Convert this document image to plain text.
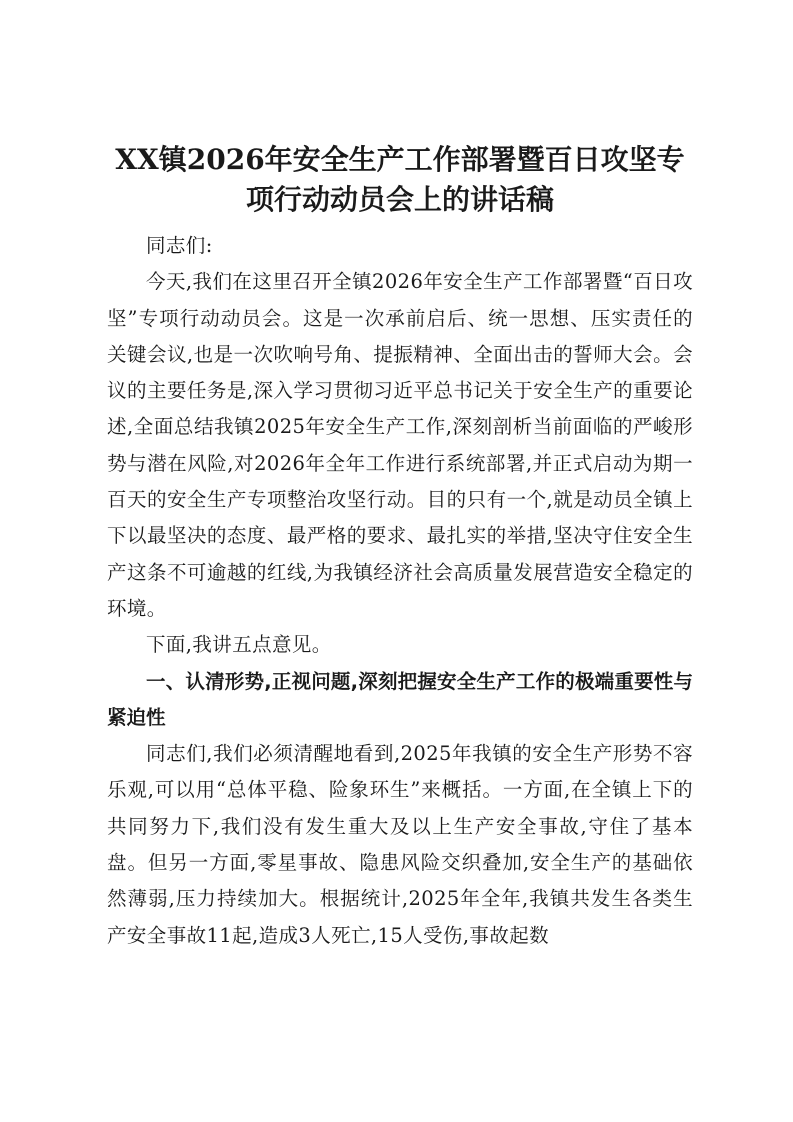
XX镇2026年安全生产工作部署暨百日攻坚专
项行动动员会上的讲话稿

同志们:

今天,我们在这里召开全镇2026年安全生产工作部署暨“百日攻坚”专项行动动员会。这是一次承前启后、统一思想、压实责任的关键会议,也是一次吹响号角、提振精神、全面出击的誓师大会。会议的主要任务是,深入学习贯彻习近平总书记关于安全生产的重要论述,全面总结我镇2025年安全生产工作,深刻剖析当前面临的严峻形势与潜在风险,对2026年全年工作进行系统部署,并正式启动为期一百天的安全生产专项整治攻坚行动。目的只有一个,就是动员全镇上下以最坚决的态度、最严格的要求、最扎实的举措,坚决守住安全生产这条不可逾越的红线,为我镇经济社会高质量发展营造安全稳定的环境。

下面,我讲五点意见。

一、认清形势,正视问题,深刻把握安全生产工作的极端重要性与紧迫性

同志们,我们必须清醒地看到,2025年我镇的安全生产形势不容乐观,可以用“总体平稳、险象环生”来概括。一方面,在全镇上下的共同努力下,我们没有发生重大及以上生产安全事故,守住了基本盘。但另一方面,零星事故、隐患风险交织叠加,安全生产的基础依然薄弱,压力持续加大。根据统计,2025年全年,我镇共发生各类生产安全事故11起,造成3人死亡,15人受伤,事故起数
